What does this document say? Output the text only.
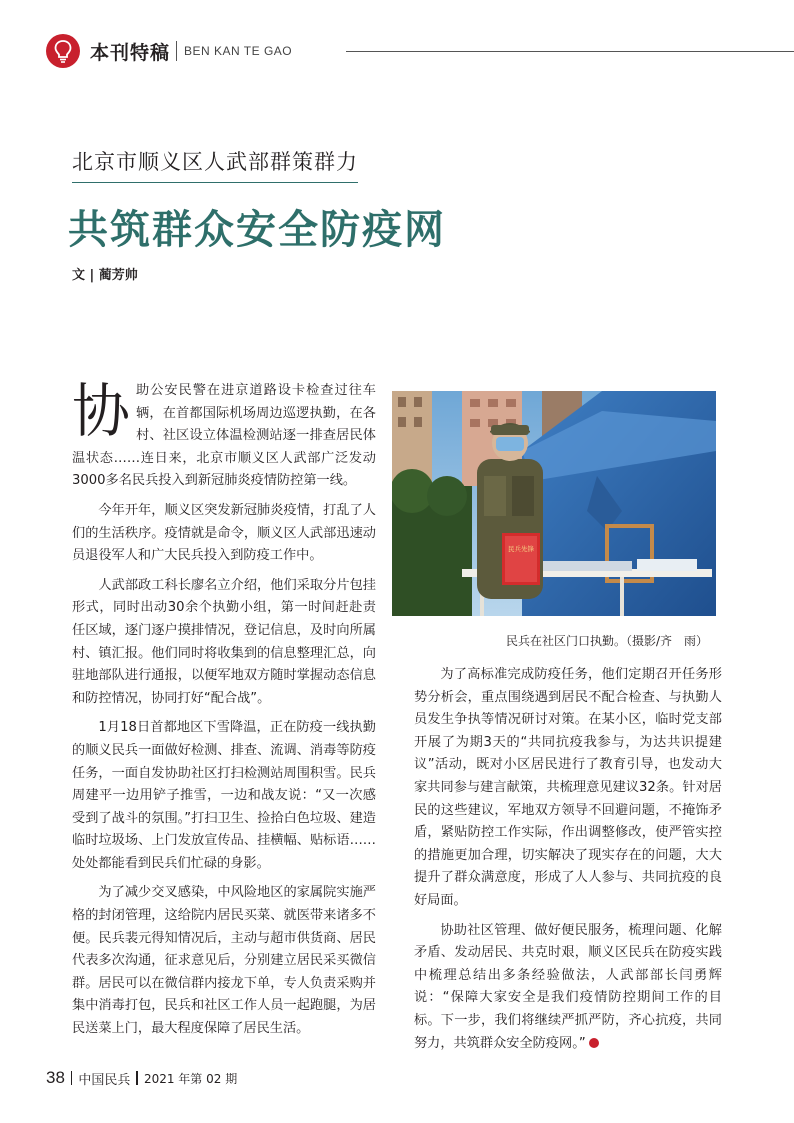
本刊特稿 BEN KAN TE GAO
北京市顺义区人武部群策群力
共筑群众安全防疫网
文 | 蔺芳帅

协助公安民警在进京道路设卡检查过往车辆，在首都国际机场周边巡逻执勤，在各村、社区设立体温检测站逐一排查居民体温状态……连日来，北京市顺义区人武部广泛发动3000多名民兵投入到新冠肺炎疫情防控第一线。

今年开年，顺义区突发新冠肺炎疫情，打乱了人们的生活秩序。疫情就是命令，顺义区人武部迅速动员退役军人和广大民兵投入到防疫工作中。

人武部政工科长廖名立介绍，他们采取分片包挂形式，同时出动30余个执勤小组，第一时间赶赴责任区域，逐门逐户摸排情况，登记信息，及时向所属村、镇汇报。他们同时将收集到的信息整理汇总，向驻地部队进行通报，以便军地双方随时掌握动态信息和防控情况，协同打好“配合战”。

1月18日首都地区下雪降温，正在防疫一线执勤的顺义民兵一面做好检测、排查、流调、消毒等防疫任务，一面自发协助社区打扫检测站周围积雪。民兵周建平一边用铲子推雪，一边和战友说：“又一次感受到了战斗的氛围。”打扫卫生、捡拾白色垃圾、建造临时垃圾场、上门发放宣传品、挂横幅、贴标语……处处都能看到民兵们忙碌的身影。

为了减少交叉感染，中风险地区的家属院实施严格的封闭管理，这给院内居民买菜、就医带来诸多不便。民兵裴元得知情况后，主动与超市供货商、居民代表多次沟通，征求意见后，分别建立居民采买微信群。居民可以在微信群内接龙下单，专人负责采购并集中消毒打包，民兵和社区工作人员一起跑腿，为居民送菜上门，最大程度保障了居民生活。

民兵先锋
民兵在社区门口执勤。（摄影/齐　雨）

为了高标准完成防疫任务，他们定期召开任务形势分析会，重点围绕遇到居民不配合检查、与执勤人员发生争执等情况研讨对策。在某小区，临时党支部开展了为期3天的“共同抗疫我参与，为达共识提建议”活动，既对小区居民进行了教育引导，也发动大家共同参与建言献策，共梳理意见建议32条。针对居民的这些建议，军地双方领导不回避问题，不掩饰矛盾，紧贴防控工作实际，作出调整修改，使严管实控的措施更加合理，切实解决了现实存在的问题，大大提升了群众满意度，形成了人人参与、共同抗疫的良好局面。

协助社区管理、做好便民服务，梳理问题、化解矛盾、发动居民、共克时艰，顺义区民兵在防疫实践中梳理总结出多条经验做法，人武部部长闫勇辉说：“保障大家安全是我们疫情防控期间工作的目标。下一步，我们将继续严抓严防，齐心抗疫，共同努力，共筑群众安全防疫网。”

38 中国民兵 2021 年第 02 期
